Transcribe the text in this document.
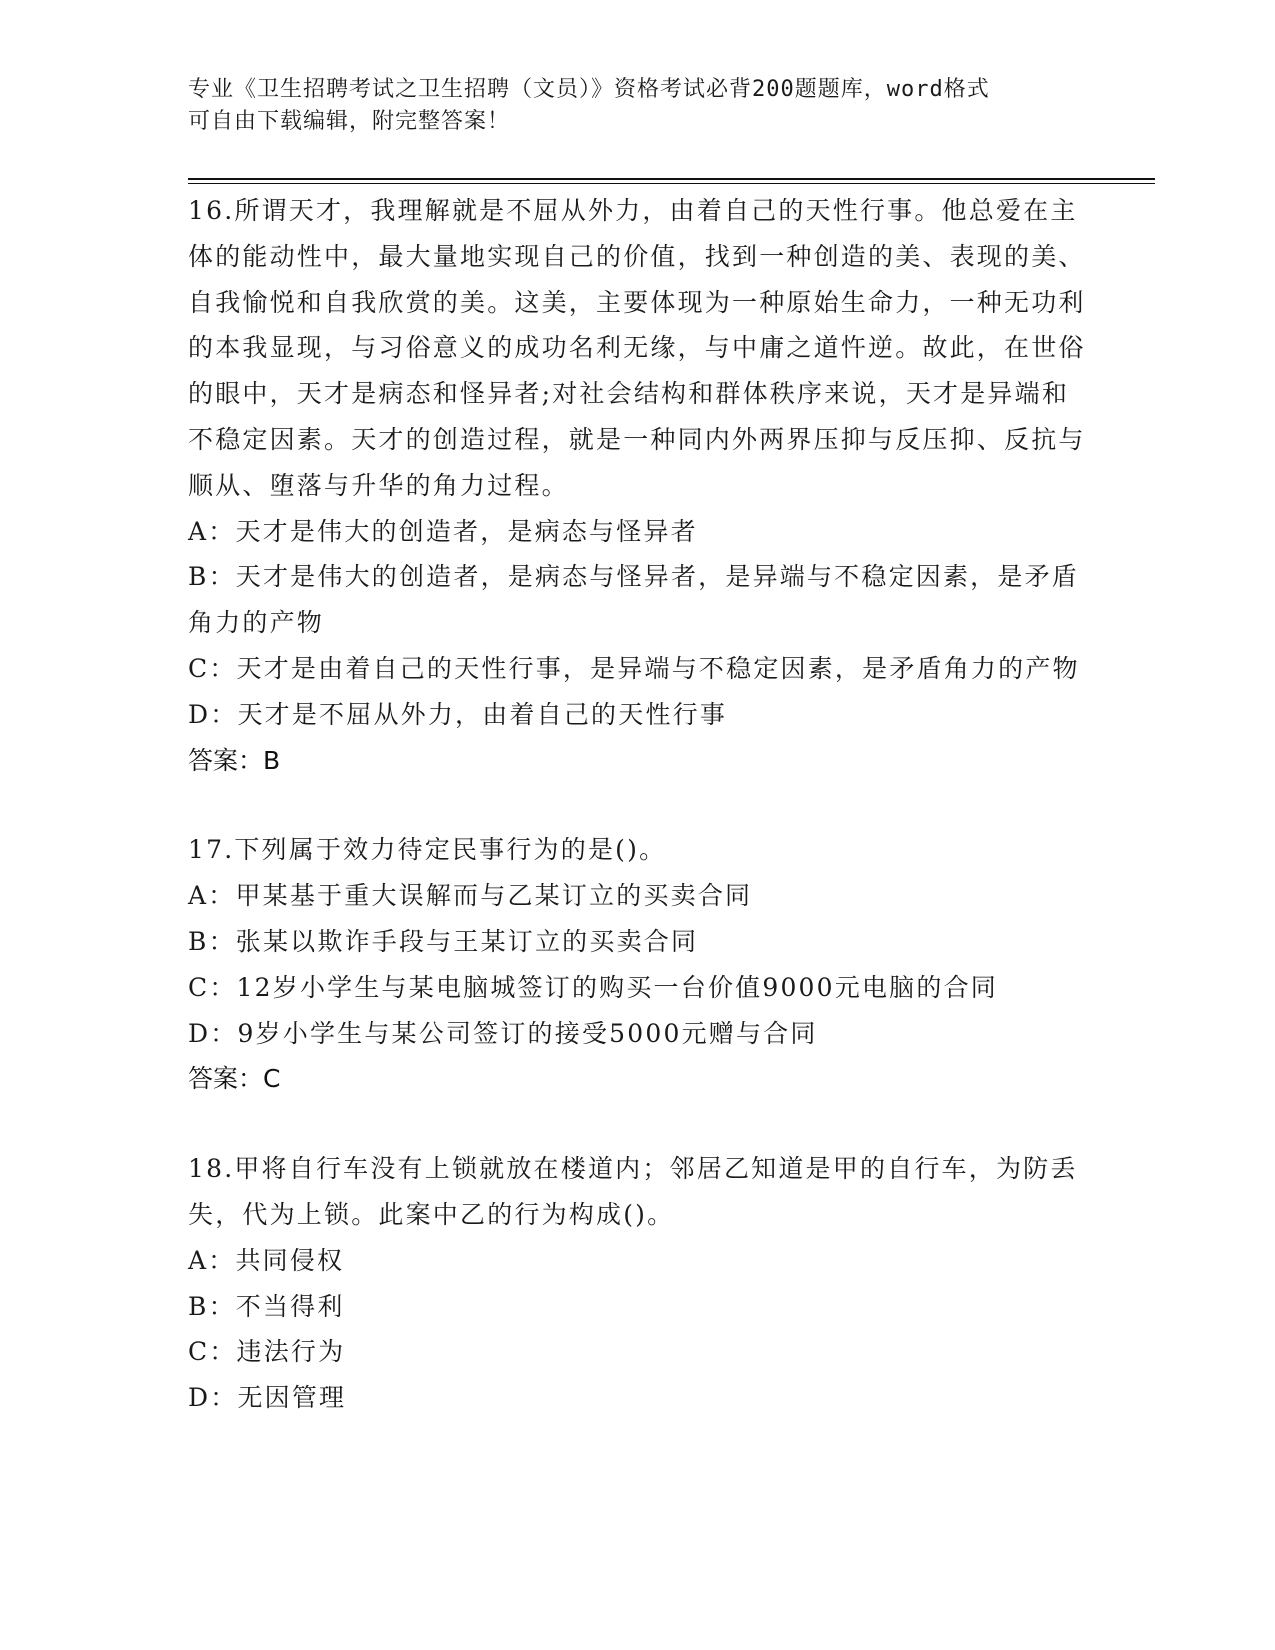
专业《卫生招聘考试之卫生招聘（文员）》资格考试必背200题题库，word格式
可自由下载编辑，附完整答案！

16.所谓天才，我理解就是不屈从外力，由着自己的天性行事。他总爱在主体的能动性中，最大量地实现自己的价值，找到一种创造的美、表现的美、自我愉悦和自我欣赏的美。这美，主要体现为一种原始生命力，一种无功利的本我显现，与习俗意义的成功名利无缘，与中庸之道忤逆。故此，在世俗的眼中，天才是病态和怪异者;对社会结构和群体秩序来说，天才是异端和不稳定因素。天才的创造过程，就是一种同内外两界压抑与反压抑、反抗与顺从、堕落与升华的角力过程。

A：天才是伟大的创造者，是病态与怪异者

B：天才是伟大的创造者，是病态与怪异者，是异端与不稳定因素，是矛盾角力的产物

C：天才是由着自己的天性行事，是异端与不稳定因素，是矛盾角力的产物

D：天才是不屈从外力，由着自己的天性行事

答案：B

17.下列属于效力待定民事行为的是()。

A：甲某基于重大误解而与乙某订立的买卖合同

B：张某以欺诈手段与王某订立的买卖合同

C：12岁小学生与某电脑城签订的购买一台价值9000元电脑的合同

D：9岁小学生与某公司签订的接受5000元赠与合同

答案：C

18.甲将自行车没有上锁就放在楼道内；邻居乙知道是甲的自行车，为防丢失，代为上锁。此案中乙的行为构成()。

A：共同侵权

B：不当得利

C：违法行为

D：无因管理
